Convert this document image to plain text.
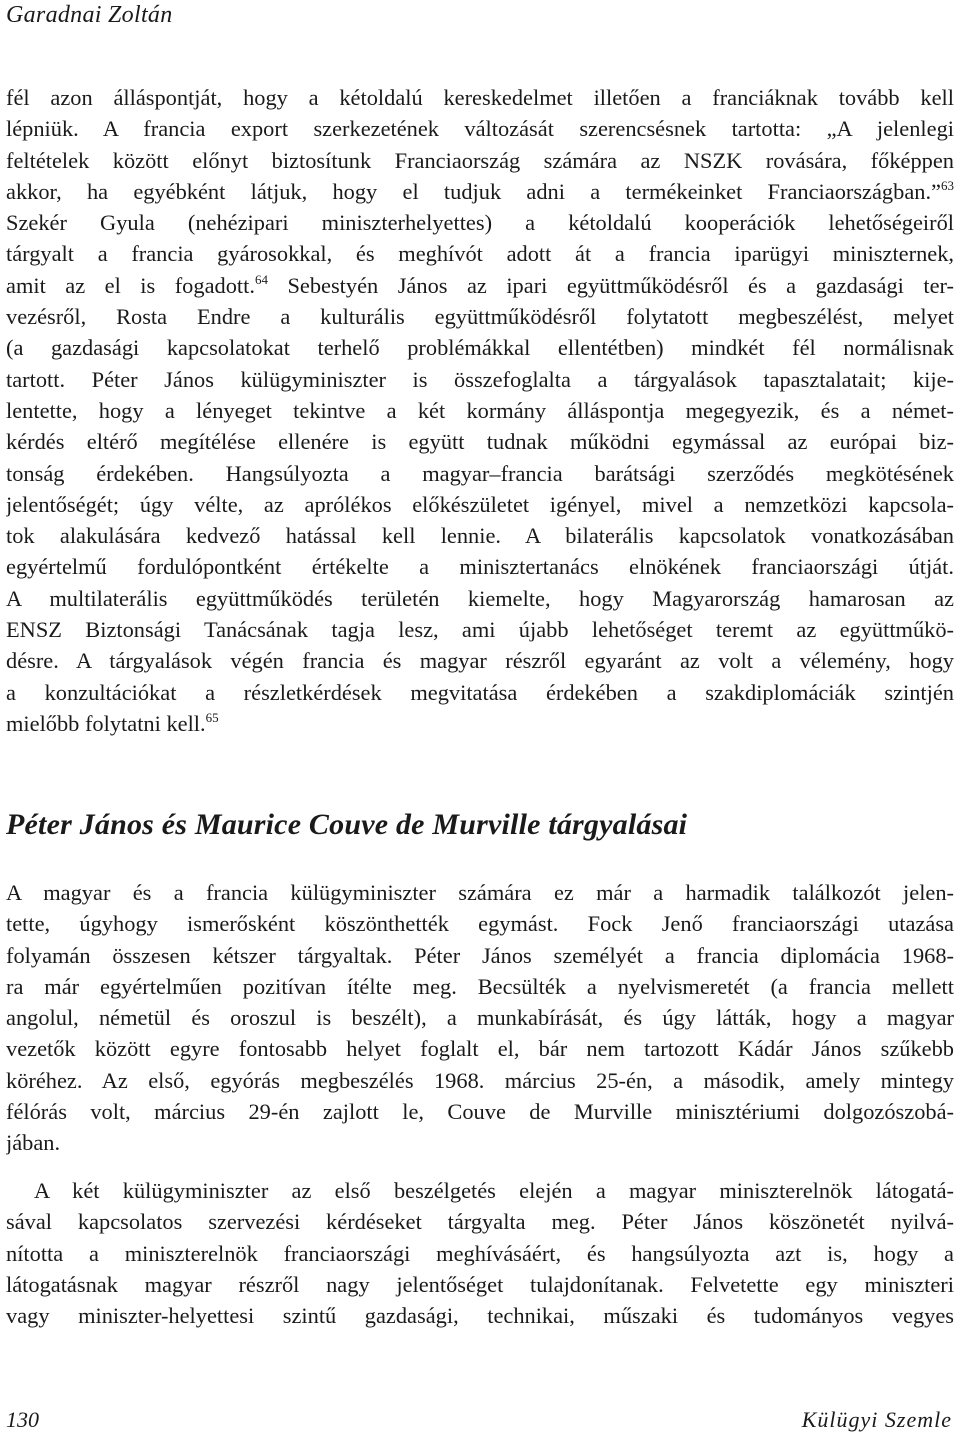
Garadnai Zoltán
fél azon álláspontját, hogy a kétoldalú kereskedelmet illetően a franciáknak tovább kell
lépniük. A francia export szerkezetének változását szerencsésnek tartotta: „A jelenlegi
feltételek között előnyt biztosítunk Franciaország számára az NSZK rovására, főképpen
akkor, ha egyébként látjuk, hogy el tudjuk adni a termékeinket Franciaországban.”$^{63}$
Szekér Gyula (nehézipari miniszterhelyettes) a kétoldalú kooperációk lehetőségeiről
tárgyalt a francia gyárosokkal, és meghívót adott át a francia iparügyi miniszternek,
amit az el is fogadott.$^{64}$ Sebestyén János az ipari együttműködésről és a gazdasági ter-
vezésről, Rosta Endre a kulturális együttműködésről folytatott megbeszélést, melyet
(a gazdasági kapcsolatokat terhelő problémákkal ellentétben) mindkét fél normálisnak
tartott. Péter János külügyminiszter is összefoglalta a tárgyalások tapasztalatait; kije-
lentette, hogy a lényeget tekintve a két kormány álláspontja megegyezik, és a német-
kérdés eltérő megítélése ellenére is együtt tudnak működni egymással az európai biz-
tonság érdekében. Hangsúlyozta a magyar–francia barátsági szerződés megkötésének
jelentőségét; úgy vélte, az aprólékos előkészületet igényel, mivel a nemzetközi kapcsola-
tok alakulására kedvező hatással kell lennie. A bilaterális kapcsolatok vonatkozásában
egyértelmű fordulópontként értékelte a minisztertanács elnökének franciaországi útját.
A multilaterális együttműködés területén kiemelte, hogy Magyarország hamarosan az
ENSZ Biztonsági Tanácsának tagja lesz, ami újabb lehetőséget teremt az együttműkö-
désre. A tárgyalások végén francia és magyar részről egyaránt az volt a vélemény, hogy
a konzultációkat a részletkérdések megvitatása érdekében a szakdiplomáciák szintjén
mielőbb folytatni kell.$^{65}$
Péter János és Maurice Couve de Murville tárgyalásai
A magyar és a francia külügyminiszter számára ez már a harmadik találkozót jelen-
tette, úgyhogy ismerősként köszönthették egymást. Fock Jenő franciaországi utazása
folyamán összesen kétszer tárgyaltak. Péter János személyét a francia diplomácia 1968-
ra már egyértelműen pozitívan ítélte meg. Becsülték a nyelvismeretét (a francia mellett
angolul, németül és oroszul is beszélt), a munkabírását, és úgy látták, hogy a magyar
vezetők között egyre fontosabb helyet foglalt el, bár nem tartozott Kádár János szűkebb
köréhez. Az első, egyórás megbeszélés 1968. március 25-én, a második, amely mintegy
félórás volt, március 29-én zajlott le, Couve de Murville minisztériumi dolgozószobá-
jában.
A két külügyminiszter az első beszélgetés elején a magyar miniszterelnök látogatá-
sával kapcsolatos szervezési kérdéseket tárgyalta meg. Péter János köszönetét nyilvá-
nította a miniszterelnök franciaországi meghívásáért, és hangsúlyozta azt is, hogy a
látogatásnak magyar részről nagy jelentőséget tulajdonítanak. Felvetette egy miniszteri
vagy miniszter-helyettesi szintű gazdasági, technikai, műszaki és tudományos vegyes
130	Külügyi Szemle
